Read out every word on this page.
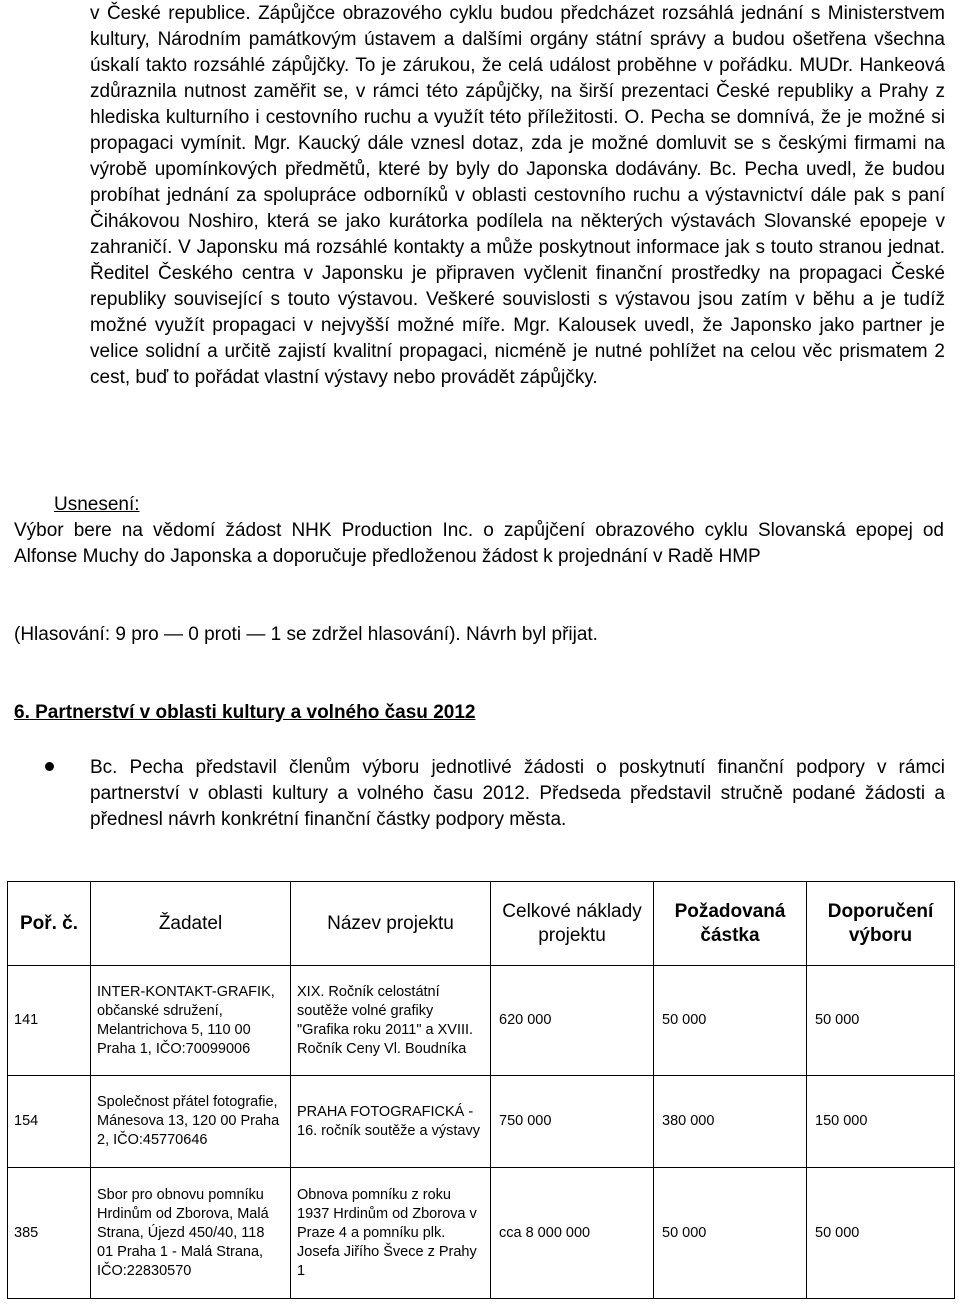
v České republice. Zápůjčce obrazového cyklu budou předcházet rozsáhlá jednání s Ministerstvem kultury, Národním památkovým ústavem a dalšími orgány státní správy a budou ošetřena všechna úskalí takto rozsáhlé zápůjčky. To je zárukou, že celá událost proběhne v pořádku. MUDr. Hankeová zdůraznila nutnost zaměřit se, v rámci této zápůjčky, na širší prezentaci České republiky a Prahy z hlediska kulturního i cestovního ruchu a využít této příležitosti. O. Pecha se domnívá, že je možné si propagaci vymínit. Mgr. Kaucký dále vznesl dotaz, zda je možné domluvit se s českými firmami na výrobě upomínkových předmětů, které by byly do Japonska dodávány. Bc. Pecha uvedl, že budou probíhat jednání za spolupráce odborníků v oblasti cestovního ruchu a výstavnictví dále pak s paní Čihákovou Noshiro, která se jako kurátorka podílela na některých výstavách Slovanské epopeje v zahraničí. V Japonsku má rozsáhlé kontakty a může poskytnout informace jak s touto stranou jednat. Ředitel Českého centra v Japonsku je připraven vyčlenit finanční prostředky na propagaci České republiky související s touto výstavou. Veškeré souvislosti s výstavou jsou zatím v běhu a je tudíž možné využít propagaci v nejvyšší možné míře. Mgr. Kalousek uvedl, že Japonsko jako partner je velice solidní a určitě zajistí kvalitní propagaci, nicméně je nutné pohlížet na celou věc prismatem 2 cest, buď to pořádat vlastní výstavy nebo provádět zápůjčky.

Usnesení:

Výbor bere na vědomí žádost NHK Production Inc. o zapůjčení obrazového cyklu Slovanská epopej od Alfonse Muchy do Japonska a doporučuje předloženou žádost k projednání v Radě HMP

(Hlasování: 9 pro — 0 proti — 1 se zdržel hlasování). Návrh byl přijat.

6. Partnerství v oblasti kultury a volného času 2012

Bc. Pecha představil členům výboru jednotlivé žádosti o poskytnutí finanční podpory v rámci partnerství v oblasti kultury a volného času 2012. Předseda představil stručně podané žádosti a přednesl návrh konkrétní finanční částky podpory města.

Poř. č.	Žadatel	Název projektu	Celkové náklady projektu	Požadovaná částka	Doporučení výboru
141	INTER-KONTAKT-GRAFIK, občanské sdružení, Melantrichova 5, 110 00 Praha 1, IČO:70099006	XIX. Ročník celostátní soutěže volné grafiky "Grafika roku 2011" a XVIII. Ročník Ceny Vl. Boudníka	620 000	50 000	50 000
154	Společnost přátel fotografie, Mánesova 13, 120 00 Praha 2, IČO:45770646	PRAHA FOTOGRAFICKÁ - 16. ročník soutěže a výstavy	750 000	380 000	150 000
385	Sbor pro obnovu pomníku Hrdinům od Zborova, Malá Strana, Újezd 450/40, 118 01 Praha 1 - Malá Strana, IČO:22830570	Obnova pomníku z roku 1937 Hrdinům od Zborova v Praze 4 a pomníku plk. Josefa Jiřího Švece z Prahy 1	cca 8 000 000	50 000	50 000
